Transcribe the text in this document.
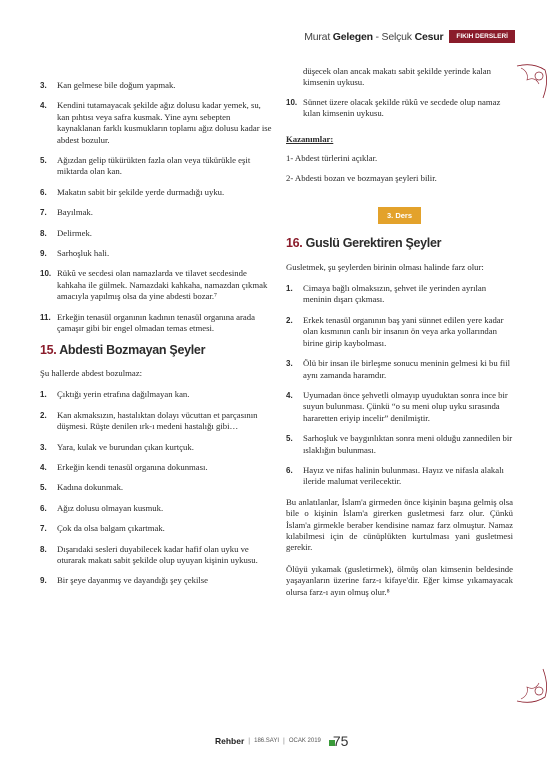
Murat Gelegen - Selçuk Cesur	FIKIH DERSLERİ
3.	Kan gelmese bile doğum yapmak.
4.	Kendini tutamayacak şekilde ağız dolusu kadar yemek, su, kan pıhtısı veya safra kusmak. Yine aynı sebepten kaynaklanan farklı kusmukların toplamı ağız dolusu kadar ise abdest bozulur.
5.	Ağızdan gelip tükürükten fazla olan veya tükürükle eşit miktarda olan kan.
6.	Makatın sabit bir şekilde yerde durmadığı uyku.
7.	Bayılmak.
8.	Delirmek.
9.	Sarhoşluk hali.
10. Rükû ve secdesi olan namazlarda ve tilavet secdesinde kahkaha ile gülmek. Namazdaki kahkaha, namazdan çıkmak amacıyla yapılmış olsa da yine abdesti bozar.⁷
11. Erkeğin tenasül organının kadının tenasül organına arada çamaşır gibi bir engel olmadan temas etmesi.
15. Abdesti Bozmayan Şeyler

Şu hallerde abdest bozulmaz:

1.	Çıktığı yerin etrafına dağılmayan kan.
2.	Kan akmaksızın, hastalıktan dolayı vücuttan et parçasının düşmesi. Rüşte denilen ırk-ı medeni hastalığı gibi…
3.	Yara, kulak ve burundan çıkan kurtçuk.
4.	Erkeğin kendi tenasül organına dokunması.
5.	Kadına dokunmak.
6.	Ağız dolusu olmayan kusmuk.
7.	Çok da olsa balgam çıkartmak.
8.	Dışarıdaki sesleri duyabilecek kadar hafif olan uyku ve oturarak makatı sabit şekilde olup uyuyan kişinin uykusu.
9.	Bir şeye dayanmış ve dayandığı şey çekilse
düşecek olan ancak makatı sabit şekilde yerinde kalan kimsenin uykusu.
10. Sünnet üzere olacak şekilde rükû ve secdede olup namaz kılan kimsenin uykusu.
Kazanımlar:

1- Abdest türlerini açıklar.

2- Abdesti bozan ve bozmayan şeyleri bilir.

3. Ders
16. Guslü Gerektiren Şeyler

Gusletmek, şu şeylerden birinin olması halinde farz olur:

1.	Cimaya bağlı olmaksızın, şehvet ile yerinden ayrılan meninin dışarı çıkması.
2.	Erkek tenasül organının baş yani sünnet edilen yere kadar olan kısmının canlı bir insanın ön veya arka yollarından birine girip kaybolması.
3.	Ölü bir insan ile birleşme sonucu meninin gelmesi ki bu fiil aynı zamanda haramdır.
4.	Uyumadan önce şehvetli olmayıp uyuduktan sonra ince bir suyun bulunması. Çünkü “o su meni olup uyku sırasında hararetten eriyip incelir” denilmiştir.
5.	Sarhoşluk ve baygınlıktan sonra meni olduğu zannedilen bir ıslaklığın bulunması.
6.	Hayız ve nifas halinin bulunması. Hayız ve nifasla alakalı ileride malumat verilecektir.

Bu anlatılanlar, İslam'a girmeden önce kişinin başına gelmiş olsa bile o kişinin İslam'a girerken gusletmesi farz olur. Çünkü İslam'a girmekle beraber kendisine namaz farz olmuştur. Namaz kılabilmesi için de cünüplükten kurtulması yani gusletmesi gerekir.

Ölüyü yıkamak (gusletirmek), ölmüş olan kimsenin beldesinde yaşayanların üzerine farz-ı kifaye'dir. Eğer kimse yıkamayacak olursa farz-ı ayın olmuş olur.⁸

Rehber | 186.SAYI | OCAK 2019 75
